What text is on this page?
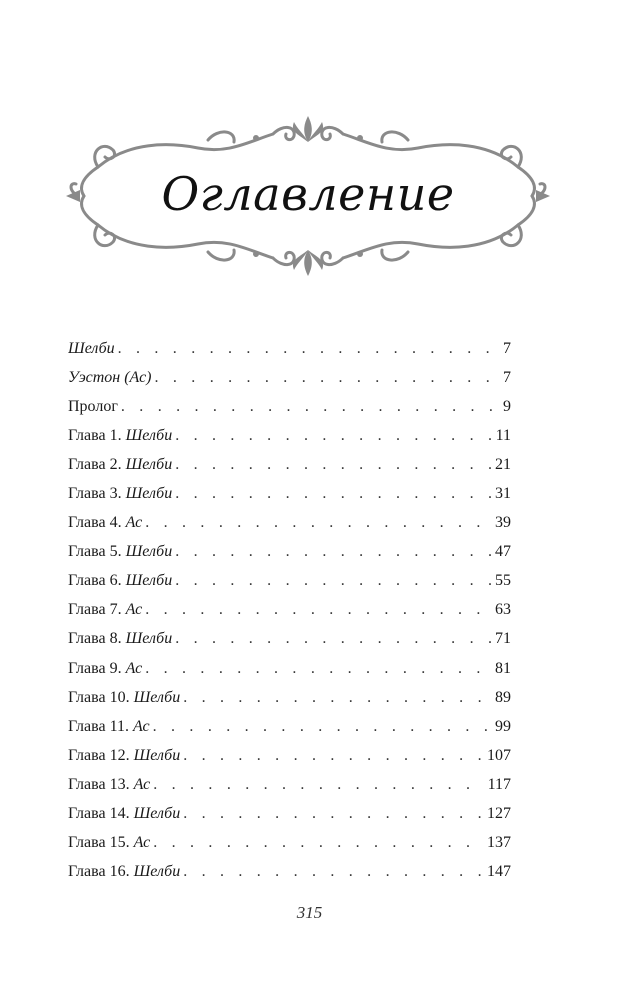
Оглавление
Шелби . . .	7
Уэстон (Ас) . . .	7
Пролог . . .	9
Глава 1. Шелби . . .	11
Глава 2. Шелби . . .	21
Глава 3. Шелби . . .	31
Глава 4. Ас . . .	39
Глава 5. Шелби . . .	47
Глава 6. Шелби . . .	55
Глава 7. Ас . . .	63
Глава 8. Шелби . . .	71
Глава 9. Ас . . .	81
Глава 10. Шелби . . .	89
Глава 11. Ас . . .	99
Глава 12. Шелби . . .	107
Глава 13. Ас . . .	117
Глава 14. Шелби . . .	127
Глава 15. Ас . . .	137
Глава 16. Шелби . . .	147
315
